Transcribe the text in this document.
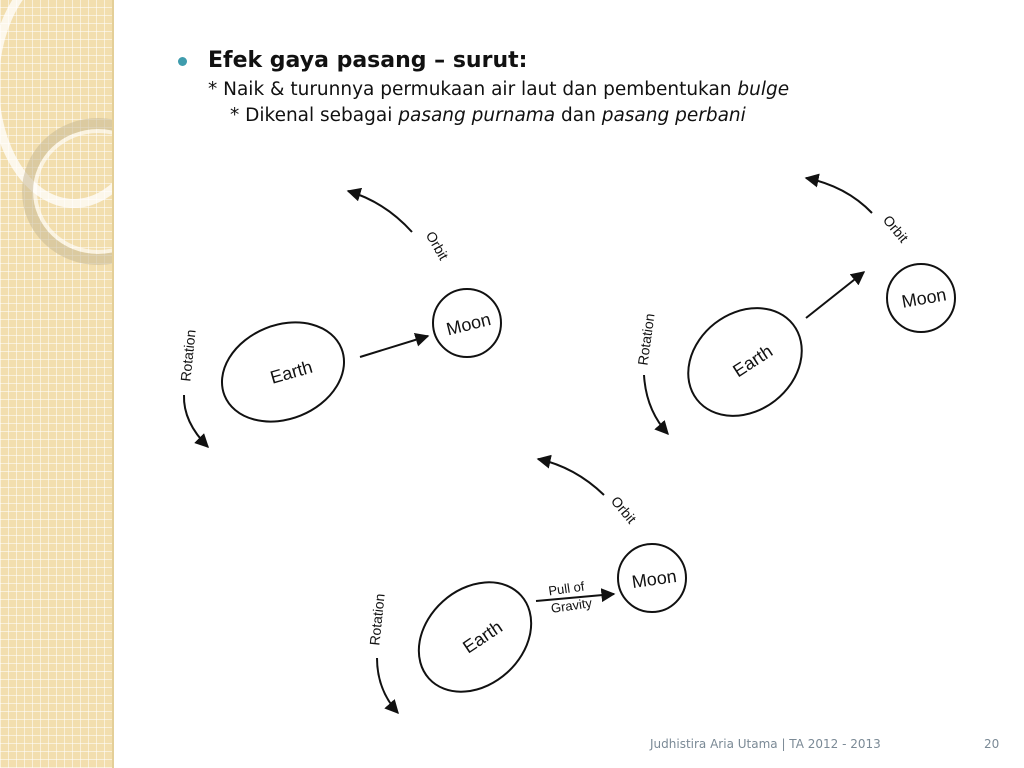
Efek gaya pasang – surut:
* Naik & turunnya permukaan air laut dan pembentukan bulge
* Dikenal sebagai pasang purnama dan pasang perbani
Earth
Moon
Orbit
Rotation	Earth
Moon
Orbit
Rotation
Earth
Moon
Pull of
Gravity
Orbit
Rotation
Judhistira Aria Utama | TA 2012 - 2013	20
